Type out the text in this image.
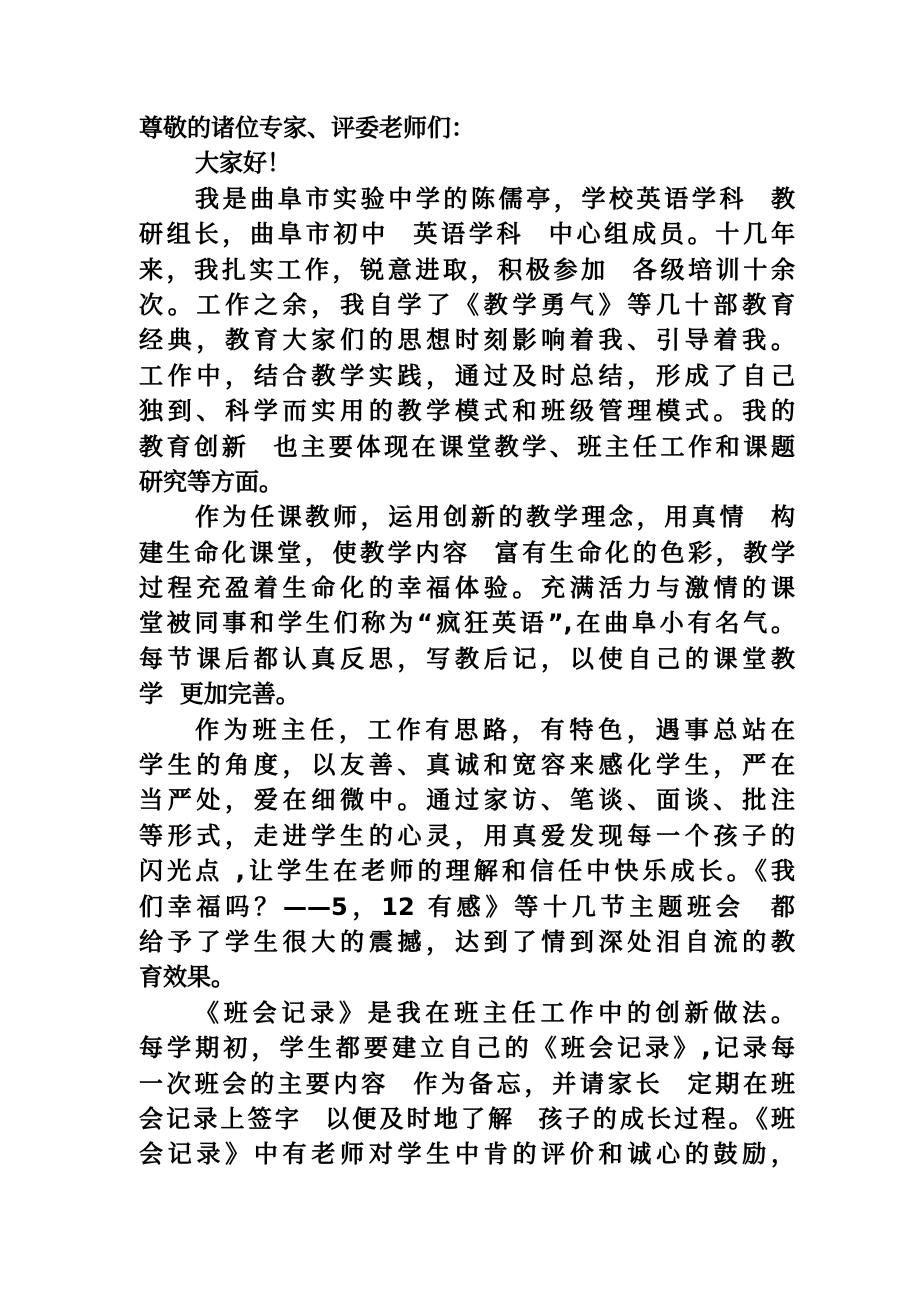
尊敬的诸位专家、评委老师们：
大家好！
我是曲阜市实验中学的陈儒亭，学校英语学科  教
研组长，曲阜市初中  英语学科  中心组成员。十几年
来，我扎实工作，锐意进取，积极参加  各级培训十余
次。工作之余，我自学了《教学勇气》等几十部教育
经典，教育大家们的思想时刻影响着我、引导着我。
工作中，结合教学实践，通过及时总结，形成了自己
独到、科学而实用的教学模式和班级管理模式。我的
教育创新  也主要体现在课堂教学、班主任工作和课题
研究等方面。
作为任课教师，运用创新的教学理念，用真情  构
建生命化课堂，使教学内容  富有生命化的色彩，教学
过程充盈着生命化的幸福体验。充满活力与激情的课
堂被同事和学生们称为“疯狂英语”,在曲阜小有名气。
每节课后都认真反思，写教后记，以使自己的课堂教
学  更加完善。
作为班主任，工作有思路，有特色，遇事总站在
学生的角度，以友善、真诚和宽容来感化学生，严在
当严处，爱在细微中。通过家访、笔谈、面谈、批注
等形式，走进学生的心灵，用真爱发现每一个孩子的
闪光点 ,让学生在老师的理解和信任中快乐成长。《我
们幸福吗？——5，12 有感》等十几节主题班会  都
给予了学生很大的震撼，达到了情到深处泪自流的教
育效果。
《班会记录》是我在班主任工作中的创新做法。
每学期初，学生都要建立自己的《班会记录》,记录每
一次班会的主要内容  作为备忘，并请家长  定期在班
会记录上签字  以便及时地了解  孩子的成长过程。《班
会记录》中有老师对学生中肯的评价和诚心的鼓励，
